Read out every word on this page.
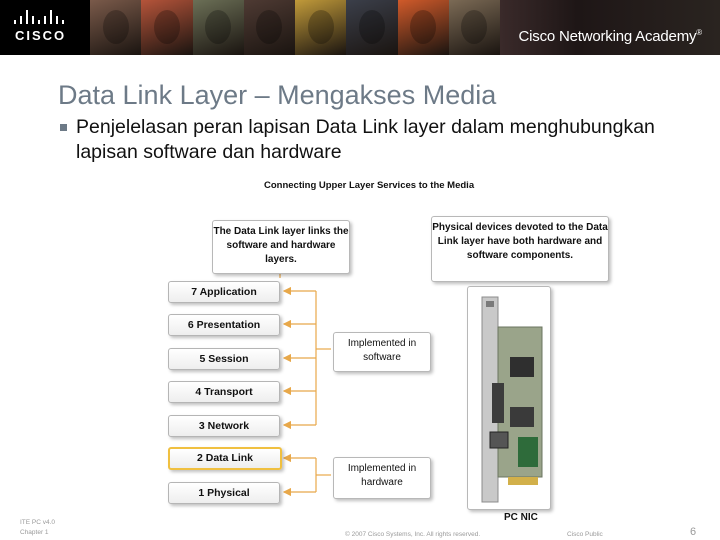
CISCO	Cisco Networking Academy®
Data Link Layer – Mengakses Media
Penjelelasan peran lapisan Data Link layer dalam menghubungkan lapisan software dan hardware
Connecting Upper Layer Services to the Media
The Data Link layer links the software and hardware layers.
Physical devices devoted to the Data Link layer have both hardware and software components.
Implemented in software
Implemented in hardware
7 Application
6 Presentation
5 Session
4 Transport
3 Network
2 Data Link
1 Physical
PC NIC
ITE PC v4.0
Chapter 1	© 2007 Cisco Systems, Inc. All rights reserved.	Cisco Public	6
